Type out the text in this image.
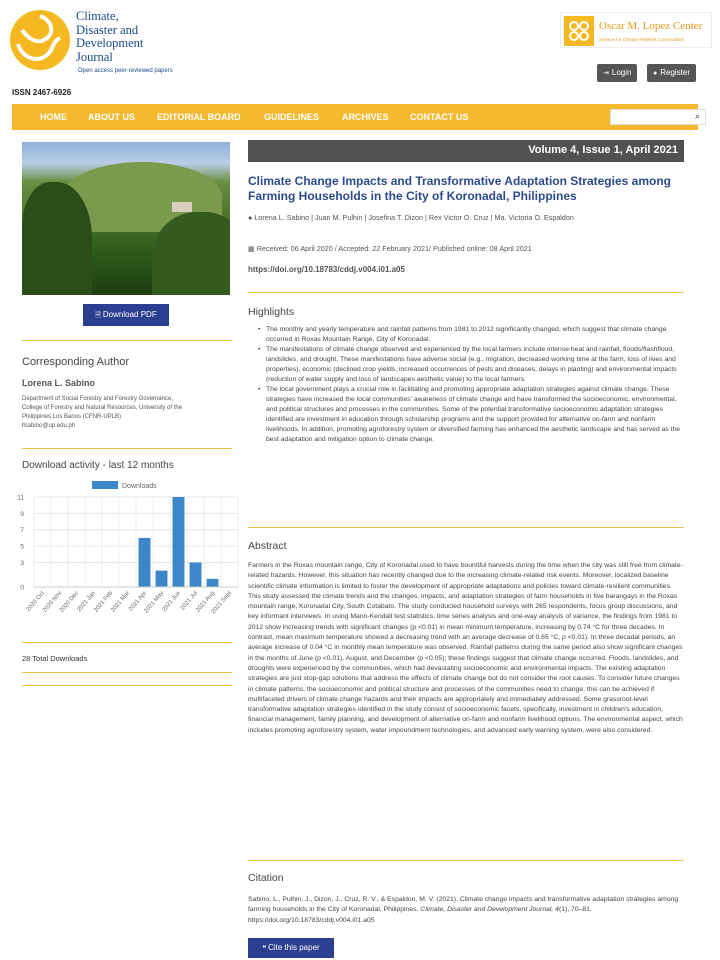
Climate,
Disaster and
Development
Journal
Open access peer-reviewed papers
ISSN 2467-6926
Oscar M. Lopez Center
Science for Climate Resilient Communities
⇥ Login	● Register
HOME ABOUT US EDITORIAL BOARD	GUIDELINES	ARCHIVES CONTACT US	⌕
🗎 Download PDF
Corresponding Author
Lorena L. Sabino
Department of Social Forestry and Forestry Governance,
College of Forestry and Natural Resources, University of the
Philippines Los Banos (CFNR-UPLB)
llsabino@up.edu.ph
Download activity - last 12 months
Downloads
0
3
5
7
9
11
2020 Oct
2020 Nov
2020 Dec
2021 Jan
2021 Feb
2021 Mar
2021 Apr
2021 May
2021 Jun
2021 Jul
2021 Aug
2021 Sept
28 Total Downloads
Volume 4, Issue 1, April 2021
Climate Change Impacts and Transformative Adaptation Strategies among Farming Households in the City of Koronadal, Philippines
● Lorena L. Sabino | Juan M. Pulhin | Josefina T. Dizon | Rex Victor O. Cruz | Ma. Victoria O. Espaldon
▦ Received: 06 April 2020 / Accepted: 22 February 2021/ Published online: 08 April 2021
https://doi.org/10.18783/cddj.v004.i01.a05
Highlights
• The monthly and yearly temperature and rainfall patterns from 1981 to 2012 significantly changed, which suggest that climate change occurred in Roxas Mountain Range, City of Koronadal.
• The manifestations of climate change observed and experienced by the local farmers include intense heat and rainfall, floods/flashflood, landslides, and drought. These manifestations have adverse social (e.g., migration, decreased working time at the farm, loss of lives and properties), economic (declined crop yields, increased occurrences of pests and diseases, delays in planting) and environmental impacts (reduction of water supply and loss of landscapes aesthetic value) to the local farmers.
• The local government plays a crucial role in facilitating and promoting appropriate adaptation strategies against climate change. These strategies have increased the local communities' awareness of climate change and have transformed the socioeconomic, environmental, and political structures and processes in the communities. Some of the potential transformative socioeconomic adaptation strategies identified are investment in education through scholarship programs and the support provided for alternative on-farm and nonfarm livelihoods. In addition, promoting agroforestry system or diversified farming has enhanced the aesthetic landscape and has served as the best adaptation and mitigation option to climate change.
Abstract
Farmers in the Roxas mountain range, City of Koronadal used to have bountiful harvests during the time when the city was still free from climate-related hazards. However, this situation has recently changed due to the increasing climate-related risk events. Moreover, localized baseline scientific climate information is limited to foster the development of appropriate adaptations and policies toward climate-resilient communities. This study assessed the climate trends and the changes, impacts, and adaptation strategies of farm households in five barangays in the Roxas mountain range, Koronadal City, South Cotabato. The study conducted household surveys with 265 respondents, focus group discussions, and key informant interviews. In using Mann-Kendall test statistics, time series analysis and one-way analysis of variance, the findings from 1981 to 2012 show increasing trends with significant changes (p <0.01) in mean minimum temperature, increasing by 0.74 °C for three decades. In contrast, mean maximum temperature showed a decreasing trend with an average decrease of 0.65 °C, p <0.01). In three decadal periods, an average increase of 0.04 °C in monthly mean temperature was observed. Rainfall patterns during the same period also show significant changes in the months of June (p <0.01), August, and December (p <0.05); these findings suggest that climate change occurred. Floods, landslides, and droughts were experienced by the communities, which had devastating socioeconomic and environmental impacts. The existing adaptation strategies are just stop-gap solutions that address the effects of climate change but do not consider the root causes. To consider future changes in climate patterns, the socioeconomic and political structure and processes of the communities need to change; this can be achieved if multifaceted drivers of climate change hazards and their impacts are appropriately and immediately addressed. Some grassroot-level transformative adaptation strategies identified in the study consist of socioeconomic facets, specifically, investment in children's education, financial management, family planning, and development of alternative on-farm and nonfarm livelihood options. The environmental aspect, which includes promoting agroforestry system, water impoundment technologies, and advanced early warning system, were also considered.
Citation
Sabino, L., Pulhin, J., Dizon, J., Cruz, R. V., & Espaldon, M. V. (2021). Climate change impacts and transformative adaptation strategies among farming households in the City of Koronadal, Philippines. Climate, Disaster and Development Journal, 4(1), 70–81. https://doi.org/10.18783/cddj.v004.i01.a05
❝ Cite this paper
